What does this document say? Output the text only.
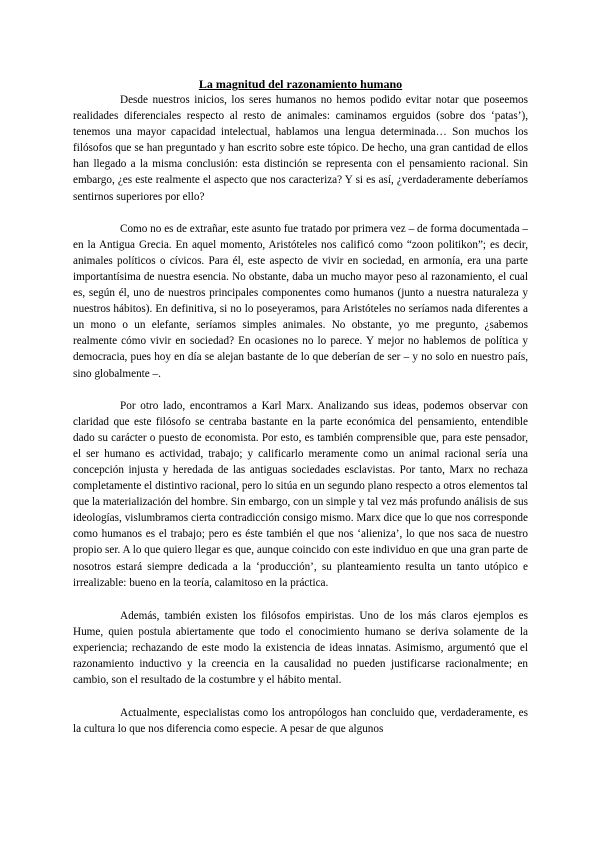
La magnitud del razonamiento humano

Desde nuestros inicios, los seres humanos no hemos podido evitar notar que poseemos realidades diferenciales respecto al resto de animales: caminamos erguidos (sobre dos ‘patas’), tenemos una mayor capacidad intelectual, hablamos una lengua determinada… Son muchos los filósofos que se han preguntado y han escrito sobre este tópico. De hecho, una gran cantidad de ellos han llegado a la misma conclusión: esta distinción se representa con el pensamiento racional. Sin embargo, ¿es este realmente el aspecto que nos caracteriza? Y si es así, ¿verdaderamente deberíamos sentirnos superiores por ello?

Como no es de extrañar, este asunto fue tratado por primera vez – de forma documentada – en la Antigua Grecia. En aquel momento, Aristóteles nos calificó como “zoon politikon”; es decir, animales políticos o cívicos. Para él, este aspecto de vivir en sociedad, en armonía, era una parte importantísima de nuestra esencia. No obstante, daba un mucho mayor peso al razonamiento, el cual es, según él, uno de nuestros principales componentes como humanos (junto a nuestra naturaleza y nuestros hábitos). En definitiva, si no lo poseyeramos, para Aristóteles no seríamos nada diferentes a un mono o un elefante, seríamos simples animales. No obstante, yo me pregunto, ¿sabemos realmente cómo vivir en sociedad? En ocasiones no lo parece. Y mejor no hablemos de política y democracia, pues hoy en día se alejan bastante de lo que deberían de ser – y no solo en nuestro país, sino globalmente –.

Por otro lado, encontramos a Karl Marx. Analizando sus ideas, podemos observar con claridad que este filósofo se centraba bastante en la parte económica del pensamiento, entendible dado su carácter o puesto de economista. Por esto, es también comprensible que, para este pensador, el ser humano es actividad, trabajo; y calificarlo meramente como un animal racional sería una concepción injusta y heredada de las antiguas sociedades esclavistas. Por tanto, Marx no rechaza completamente el distintivo racional, pero lo sitúa en un segundo plano respecto a otros elementos tal que la materialización del hombre. Sin embargo, con un simple y tal vez más profundo análisis de sus ideologías, vislumbramos cierta contradicción consigo mismo. Marx dice que lo que nos corresponde como humanos es el trabajo; pero es éste también el que nos ‘alieniza’, lo que nos saca de nuestro propio ser. A lo que quiero llegar es que, aunque coincido con este individuo en que una gran parte de nosotros estará siempre dedicada a la ‘producción’, su planteamiento resulta un tanto utópico e irrealizable: bueno en la teoría, calamitoso en la práctica.

Además, también existen los filósofos empiristas. Uno de los más claros ejemplos es Hume, quien postula abiertamente que todo el conocimiento humano se deriva solamente de la experiencia; rechazando de este modo la existencia de ideas innatas. Asimismo, argumentó que el razonamiento inductivo y la creencia en la causalidad no pueden justificarse racionalmente; en cambio, son el resultado de la costumbre y el hábito mental.

Actualmente, especialistas como los antropólogos han concluido que, verdaderamente, es la cultura lo que nos diferencia como especie. A pesar de que algunos
